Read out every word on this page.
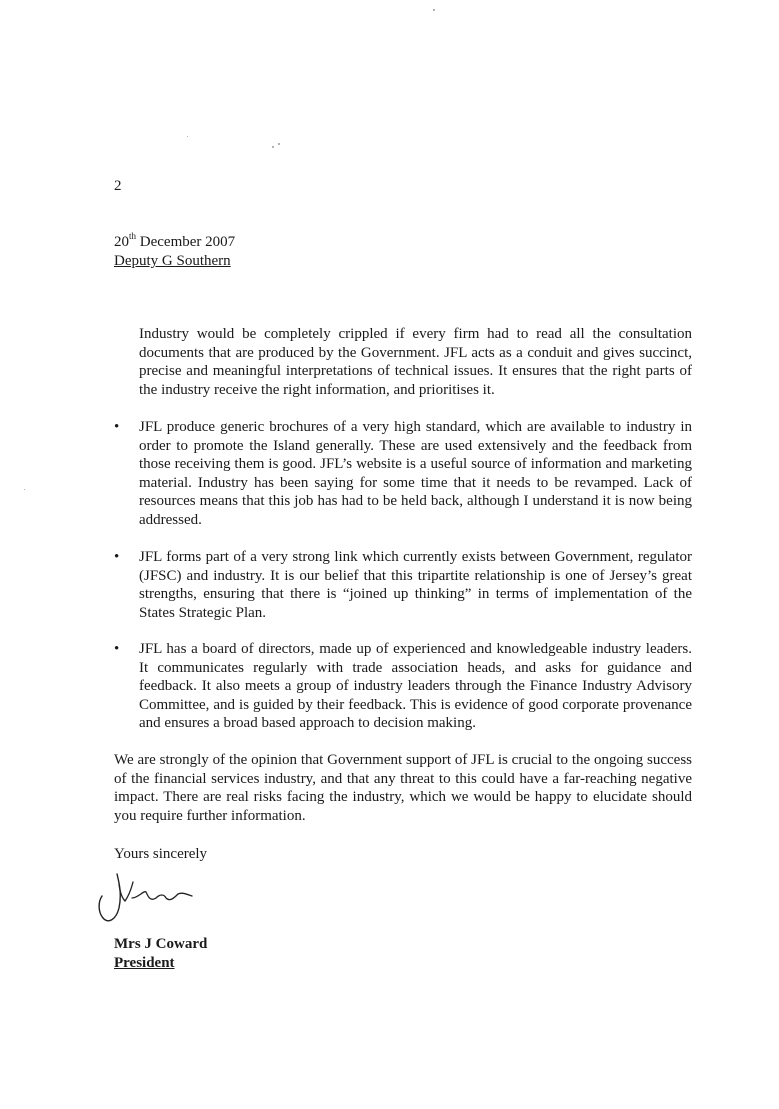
2
20th December 2007
Deputy G Southern

Industry would be completely crippled if every firm had to read all the consultation documents that are produced by the Government. JFL acts as a conduit and gives succinct, precise and meaningful interpretations of technical issues. It ensures that the right parts of the industry receive the right information, and prioritises it.

•	JFL produce generic brochures of a very high standard, which are available to industry in order to promote the Island generally. These are used extensively and the feedback from those receiving them is good. JFL’s website is a useful source of information and marketing material. Industry has been saying for some time that it needs to be revamped. Lack of resources means that this job has had to be held back, although I understand it is now being addressed.

•	JFL forms part of a very strong link which currently exists between Government, regulator (JFSC) and industry. It is our belief that this tripartite relationship is one of Jersey’s great strengths, ensuring that there is “joined up thinking” in terms of implementation of the States Strategic Plan.

•	JFL has a board of directors, made up of experienced and knowledgeable industry leaders. It communicates regularly with trade association heads, and asks for guidance and feedback. It also meets a group of industry leaders through the Finance Industry Advisory Committee, and is guided by their feedback. This is evidence of good corporate provenance and ensures a broad based approach to decision making.

We are strongly of the opinion that Government support of JFL is crucial to the ongoing success of the financial services industry, and that any threat to this could have a far-reaching negative impact. There are real risks facing the industry, which we would be happy to elucidate should you require further information.

Yours sincerely
Mrs J Coward
President
